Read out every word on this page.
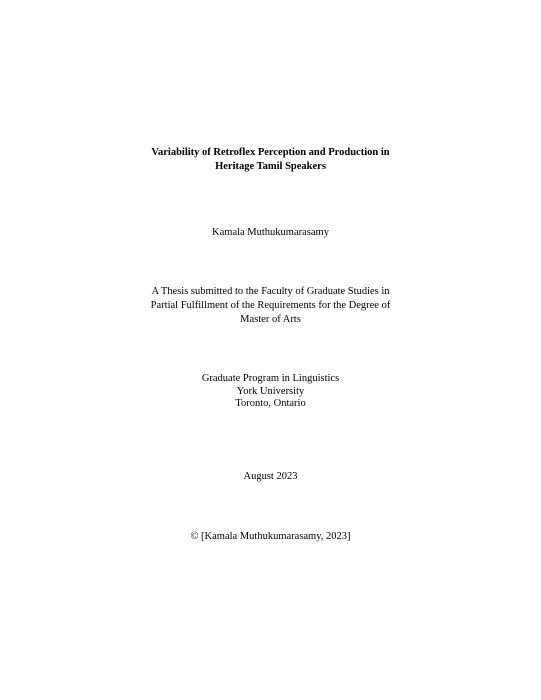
Variability of Retroflex Perception and Production in
Heritage Tamil Speakers
Kamala Muthukumarasamy
A Thesis submitted to the Faculty of Graduate Studies in
Partial Fulfillment of the Requirements for the Degree of
Master of Arts
Graduate Program in Linguistics
York University
Toronto, Ontario
August 2023
© [Kamala Muthukumarasamy, 2023]
